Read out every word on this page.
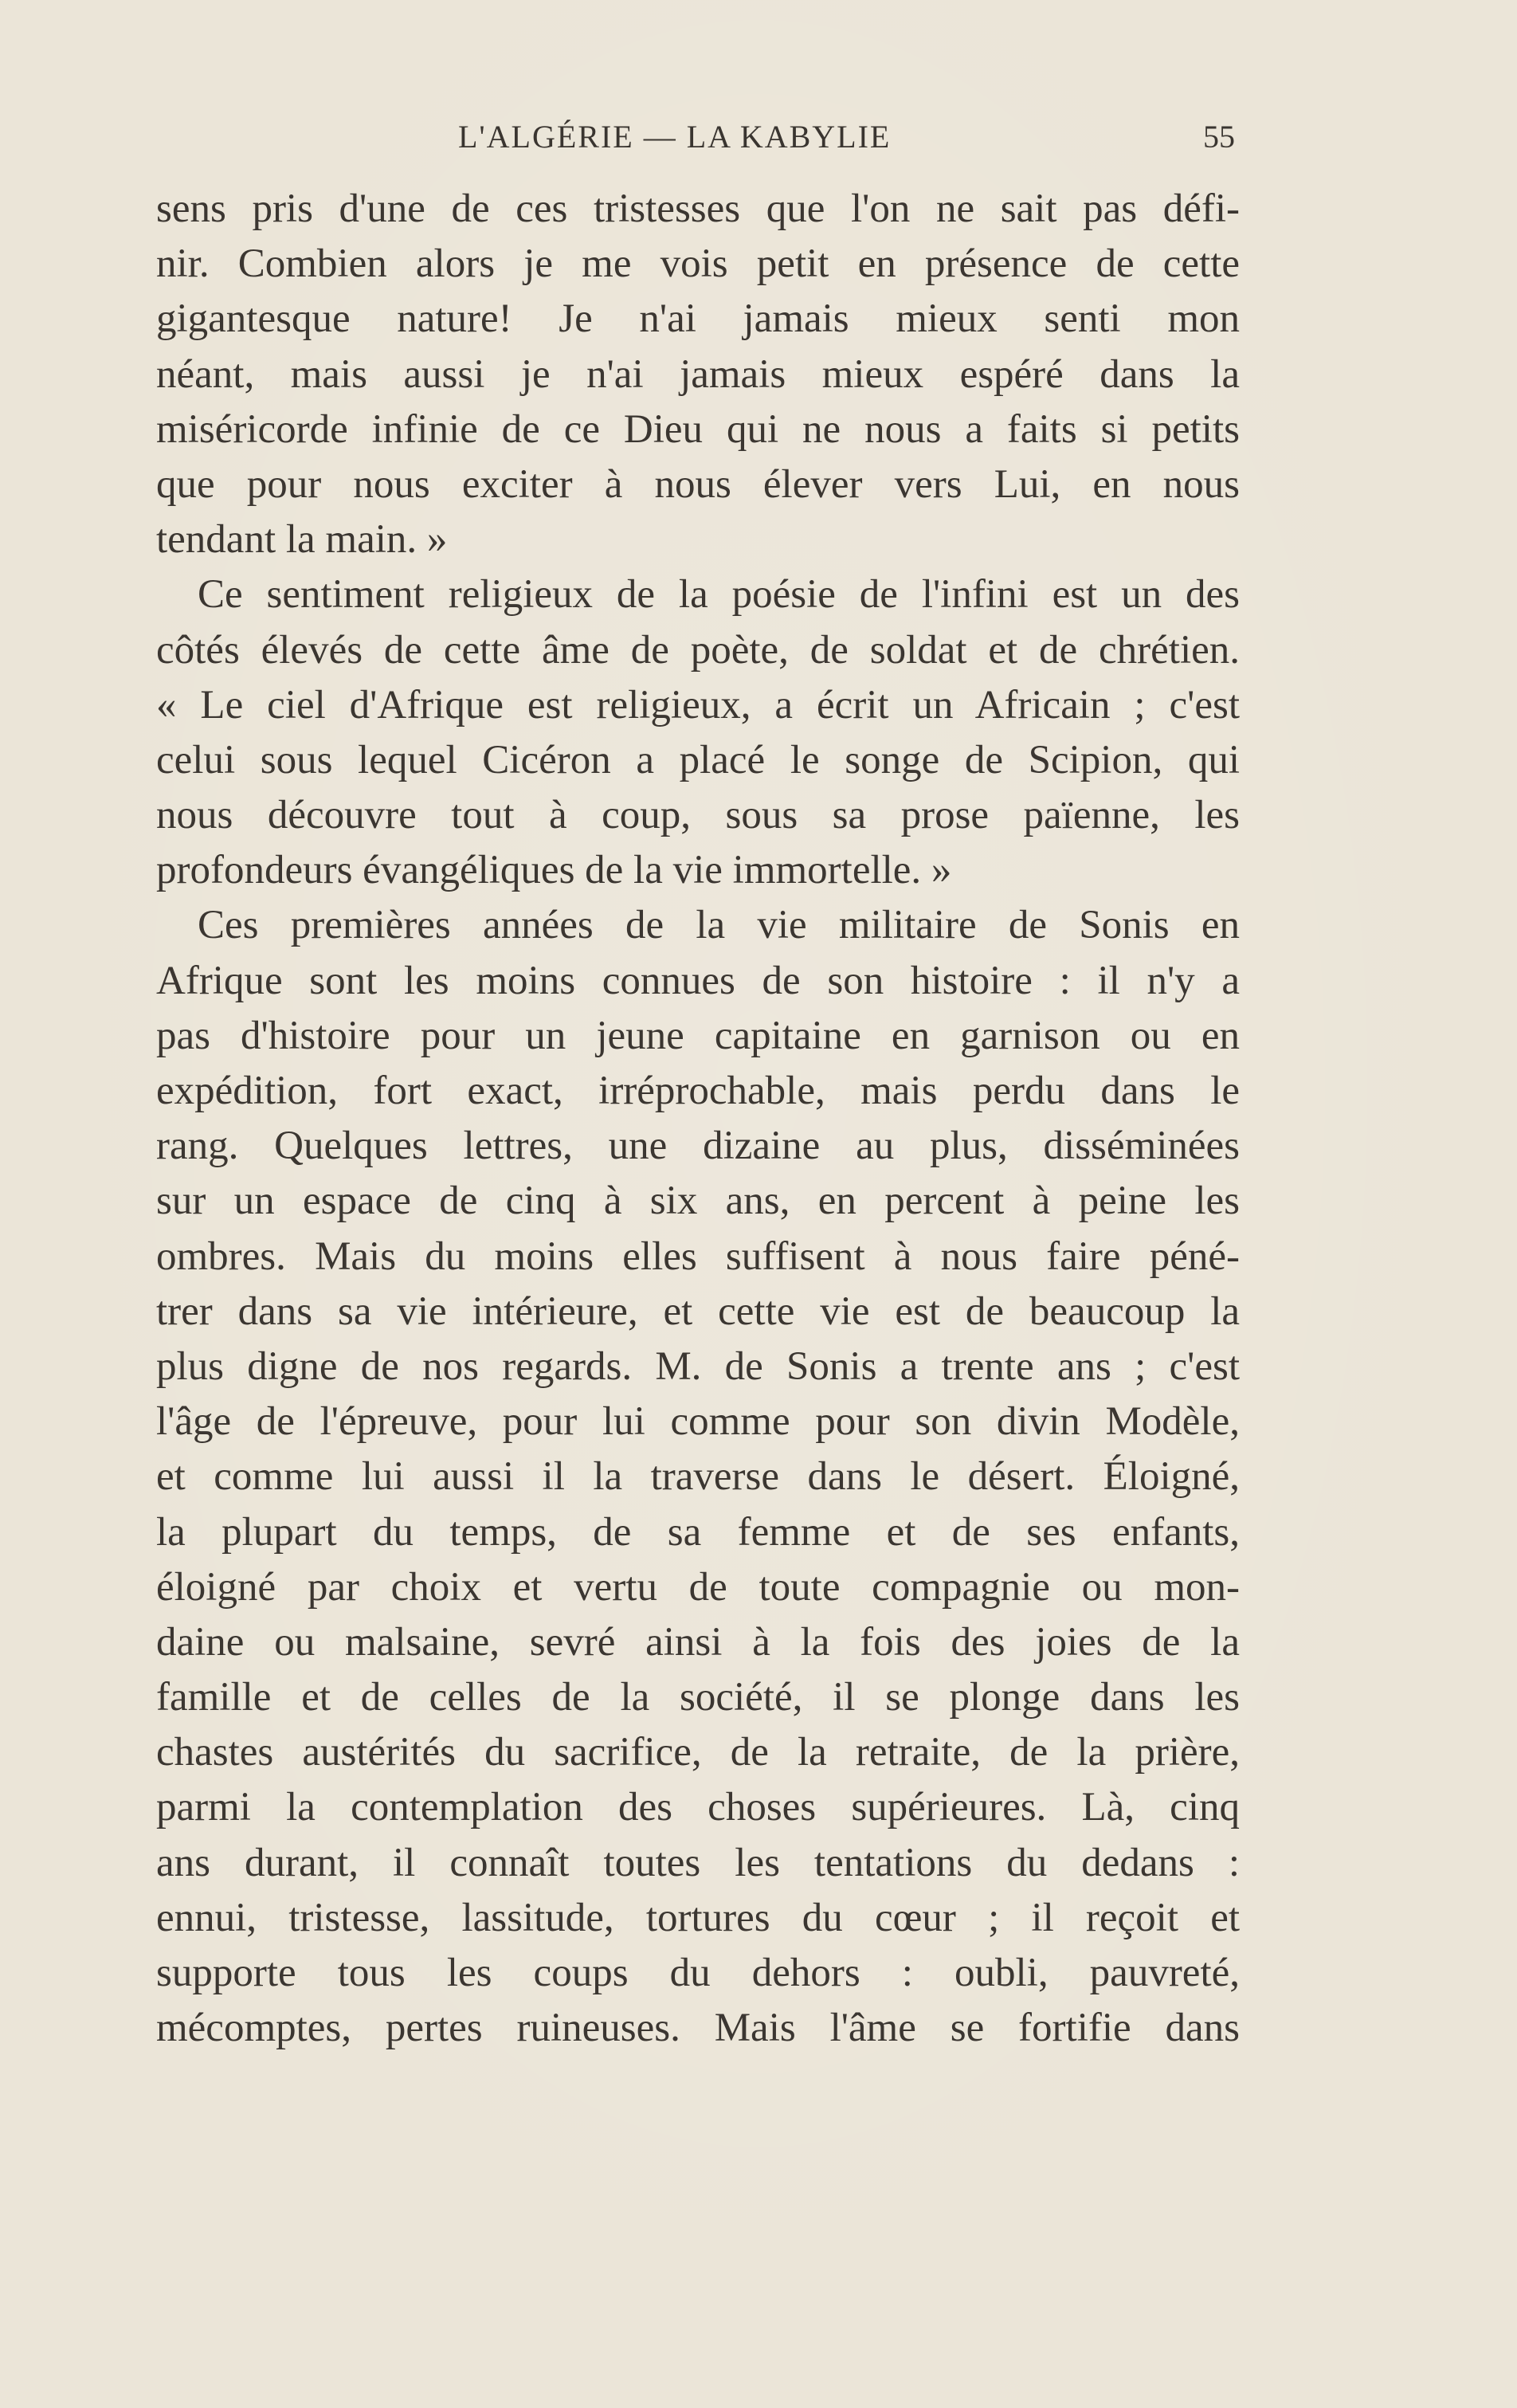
L'ALGÉRIE — LA KABYLIE	55
sens pris d'une de ces tristesses que l'on ne sait pas défi-
nir. Combien alors je me vois petit en présence de cette
gigantesque nature! Je n'ai jamais mieux senti mon
néant, mais aussi je n'ai jamais mieux espéré dans la
miséricorde infinie de ce Dieu qui ne nous a faits si petits
que pour nous exciter à nous élever vers Lui, en nous
tendant la main. »
Ce sentiment religieux de la poésie de l'infini est un des
côtés élevés de cette âme de poète, de soldat et de chrétien.
« Le ciel d'Afrique est religieux, a écrit un Africain ; c'est
celui sous lequel Cicéron a placé le songe de Scipion, qui
nous découvre tout à coup, sous sa prose païenne, les
profondeurs évangéliques de la vie immortelle. »
Ces premières années de la vie militaire de Sonis en
Afrique sont les moins connues de son histoire : il n'y a
pas d'histoire pour un jeune capitaine en garnison ou en
expédition, fort exact, irréprochable, mais perdu dans le
rang. Quelques lettres, une dizaine au plus, disséminées
sur un espace de cinq à six ans, en percent à peine les
ombres. Mais du moins elles suffisent à nous faire péné-
trer dans sa vie intérieure, et cette vie est de beaucoup la
plus digne de nos regards. M. de Sonis a trente ans ; c'est
l'âge de l'épreuve, pour lui comme pour son divin Modèle,
et comme lui aussi il la traverse dans le désert. Éloigné,
la plupart du temps, de sa femme et de ses enfants,
éloigné par choix et vertu de toute compagnie ou mon-
daine ou malsaine, sevré ainsi à la fois des joies de la
famille et de celles de la société, il se plonge dans les
chastes austérités du sacrifice, de la retraite, de la prière,
parmi la contemplation des choses supérieures. Là, cinq
ans durant, il connaît toutes les tentations du dedans :
ennui, tristesse, lassitude, tortures du cœur ; il reçoit et
supporte tous les coups du dehors : oubli, pauvreté,
mécomptes, pertes ruineuses. Mais l'âme se fortifie dans
